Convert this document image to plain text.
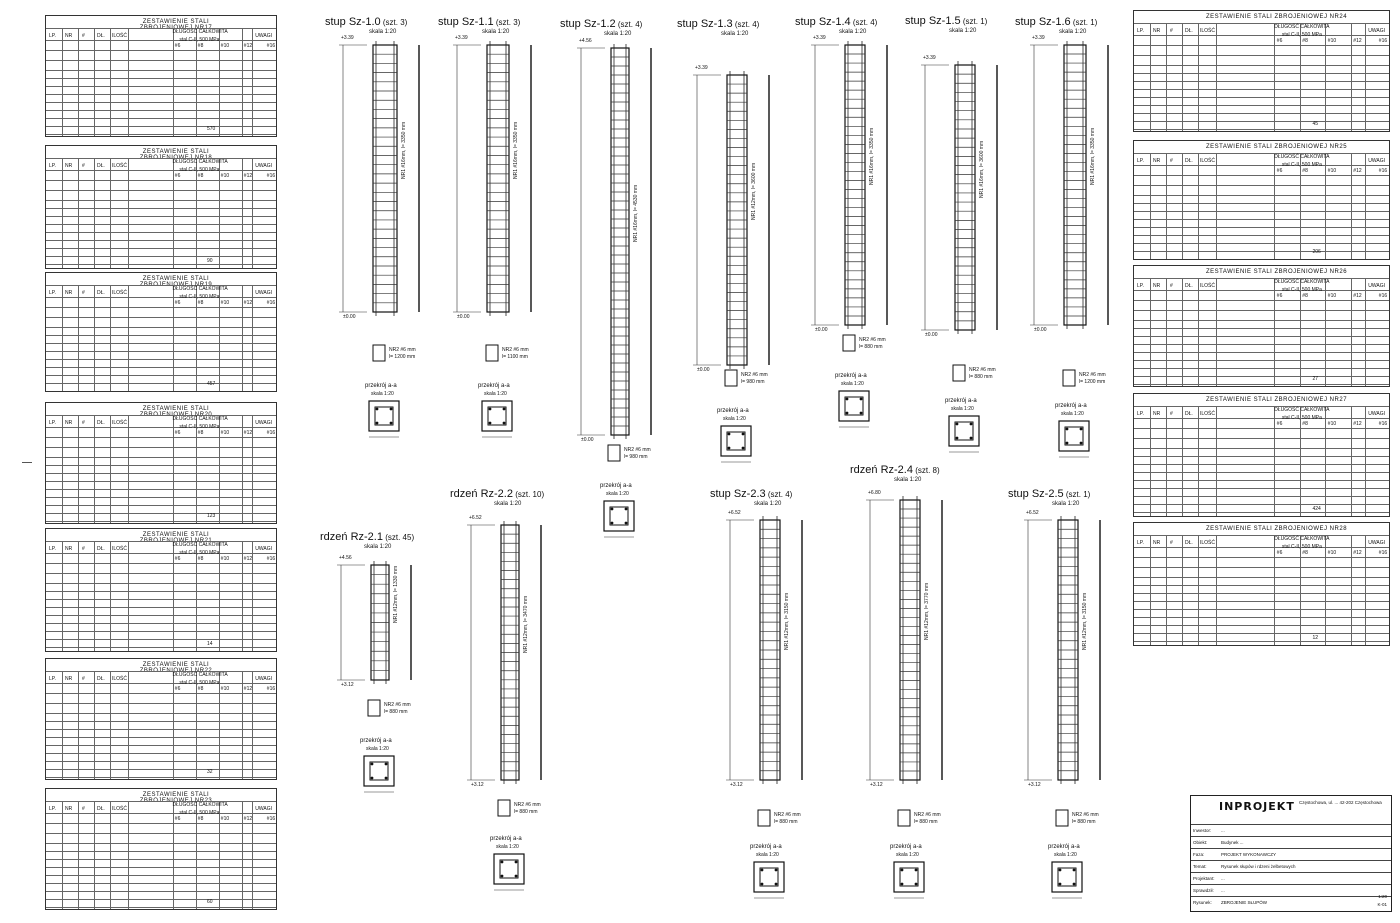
ZESTAWIENIE STALI
LP. NR # DŁ. ILOŚĆ
DŁUGOŚĆ CAŁKOWITA
stal C-II, 500 MPa
#6	#8	#10	#12	#16
UWAGI
570
ZESTAWIENIE STALI
LP. NR # DŁ. ILOŚĆ
DŁUGOŚĆ CAŁKOWITA
stal C-II, 500 MPa
#6	#8	#10	#12	#16
UWAGI
90
ZESTAWIENIE STALI
LP. NR # DŁ. ILOŚĆ
DŁUGOŚĆ CAŁKOWITA
stal C-II, 500 MPa
#6	#8	#10	#12	#16
UWAGI
457
ZESTAWIENIE STALI
LP. NR # DŁ. ILOŚĆ
DŁUGOŚĆ CAŁKOWITA
stal C-II, 500 MPa
#6	#8	#10	#12	#16
UWAGI
123
ZESTAWIENIE STALI
LP. NR # DŁ. ILOŚĆ
DŁUGOŚĆ CAŁKOWITA
stal C-II, 500 MPa
#6	#8	#10	#12	#16
UWAGI
14
ZESTAWIENIE STALI
LP. NR # DŁ. ILOŚĆ
DŁUGOŚĆ CAŁKOWITA
stal C-II, 500 MPa
#6	#8	#10	#12	#16
UWAGI
32
ZESTAWIENIE STALI
LP. NR # DŁ. ILOŚĆ
DŁUGOŚĆ CAŁKOWITA
stal C-II, 500 MPa
#6	#8	#10	#12	#16
UWAGI
60
ZESTAWIENIE STALI ZBROJENIOWEJ NR24
LP. NR # DŁ. ILOŚĆ
DŁUGOŚĆ CAŁKOWITA
stal C-II, 500 MPa
#6	#8	#10	#12	#16
UWAGI
45
ZESTAWIENIE STALI ZBROJENIOWEJ NR25
LP. NR # DŁ. ILOŚĆ
DŁUGOŚĆ CAŁKOWITA
stal C-II, 500 MPa
#6	#8	#10	#12	#16
UWAGI
206
ZESTAWIENIE STALI ZBROJENIOWEJ NR26
LP. NR # DŁ. ILOŚĆ
DŁUGOŚĆ CAŁKOWITA
stal C-II, 500 MPa
#6	#8	#10	#12	#16
UWAGI
27
ZESTAWIENIE STALI ZBROJENIOWEJ NR27
LP. NR # DŁ. ILOŚĆ
DŁUGOŚĆ CAŁKOWITA
stal C-II, 500 MPa
#6	#8	#10	#12	#16
UWAGI
424
ZESTAWIENIE STALI ZBROJENIOWEJ NR28
LP. NR # DŁ. ILOŚĆ
DŁUGOŚĆ CAŁKOWITA
stal C-II, 500 MPa
#6	#8	#10	#12	#16
UWAGI
12
stup Sz-1.0 (szt. 3)
skala 1:20
+3.39
±0.00
NR1 #16mm, l= 3350 mm
NR2 #6 mm
l= 1200 mm
przekrój a-a
skala 1:20
stup Sz-1.1 (szt. 3)
skala 1:20
+3.39
±0.00
NR1 #16mm, l= 3350 mm
NR2 #6 mm
l= 1100 mm
przekrój a-a
skala 1:20
stup Sz-1.2 (szt. 4)
skala 1:20
+4.56
±0.00
NR1 #16mm, l= 4530 mm
NR2 #6 mm
l= 980 mm
przekrój a-a
skala 1:20
stup Sz-1.3 (szt. 4)
skala 1:20
+3.39
±0.00
NR1 #12mm, l= 3600 mm
NR2 #6 mm
l= 980 mm
przekrój a-a
skala 1:20
stup Sz-1.4 (szt. 4)
skala 1:20
+3.39
±0.00
NR1 #16mm, l= 3350 mm
NR2 #6 mm
l= 880 mm
przekrój a-a
skala 1:20
stup Sz-1.5 (szt. 1)
skala 1:20
+3.39
±0.00
NR1 #16mm, l= 3600 mm
NR2 #6 mm
l= 880 mm
przekrój a-a
skala 1:20
stup Sz-1.6 (szt. 1)
skala 1:20
+3.39
±0.00
NR1 #16mm, l= 3350 mm
NR2 #6 mm
l= 1200 mm
przekrój a-a
skala 1:20
rdzeń Rz-2.1 (szt. 45)
skala 1:20
+4.56
+3.12
NR1 #12mm, l= 1330 mm
NR2 #6 mm
l= 880 mm
przekrój a-a
skala 1:20
rdzeń Rz-2.2 (szt. 10)
skala 1:20
+6.52
+3.12
NR1 #12mm, l= 3470 mm
NR2 #6 mm
l= 880 mm
przekrój a-a
skala 1:20
stup Sz-2.3 (szt. 4)
skala 1:20
+6.52
+3.12
NR1 #12mm, l= 3150 mm
NR2 #6 mm
l= 880 mm
przekrój a-a
skala 1:20
rdzeń Rz-2.4 (szt. 8)
skala 1:20
+6.80
+3.12
NR1 #12mm, l= 3770 mm
NR2 #6 mm
l= 880 mm
przekrój a-a
skala 1:20
stup Sz-2.5 (szt. 1)
skala 1:20
+6.52
+3.12
NR1 #12mm, l= 3150 mm
NR2 #6 mm
l= 880 mm
przekrój a-a
skala 1:20
INPROJEKT Częstochowa, ul. ... 42-202 Częstochowa
Inwestor: ...
Obiekt:	Budynek ...
Faza:	PROJEKT WYKONAWCZY
Temat:	Rysunek słupów i rdzeni żelbetowych
Projektant: ...
Sprawdził: ...
Rysunek: ZBROJENIE SŁUPÓW
1:20
K-01
